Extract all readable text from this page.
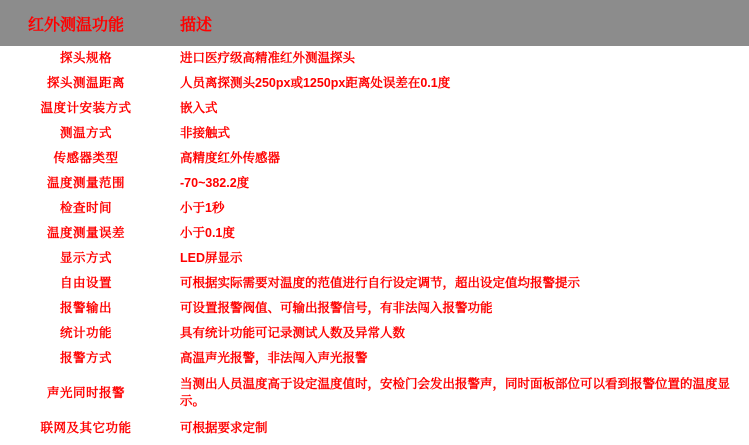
红外测温功能	描述
探头规格	进口医疗级高精准红外测温探头
探头测温距离	人员离探测头250px或1250px距离处误差在0.1度
温度计安装方式	嵌入式
测温方式	非接触式
传感器类型	高精度红外传感器
温度测量范围	-70~382.2度
检查时间	小于1秒
温度测量误差	小于0.1度
显示方式	LED屏显示
自由设置	可根据实际需要对温度的范值进行自行设定调节，超出设定值均报警提示
报警输出	可设置报警阀值、可输出报警信号，有非法闯入报警功能
统计功能	具有统计功能可记录测试人数及异常人数
报警方式	高温声光报警，非法闯入声光报警
声光同时报警	当测出人员温度高于设定温度值时，安检门会发出报警声，同时面板部位可以看到报警位置的温度显示。
联网及其它功能	可根据要求定制
